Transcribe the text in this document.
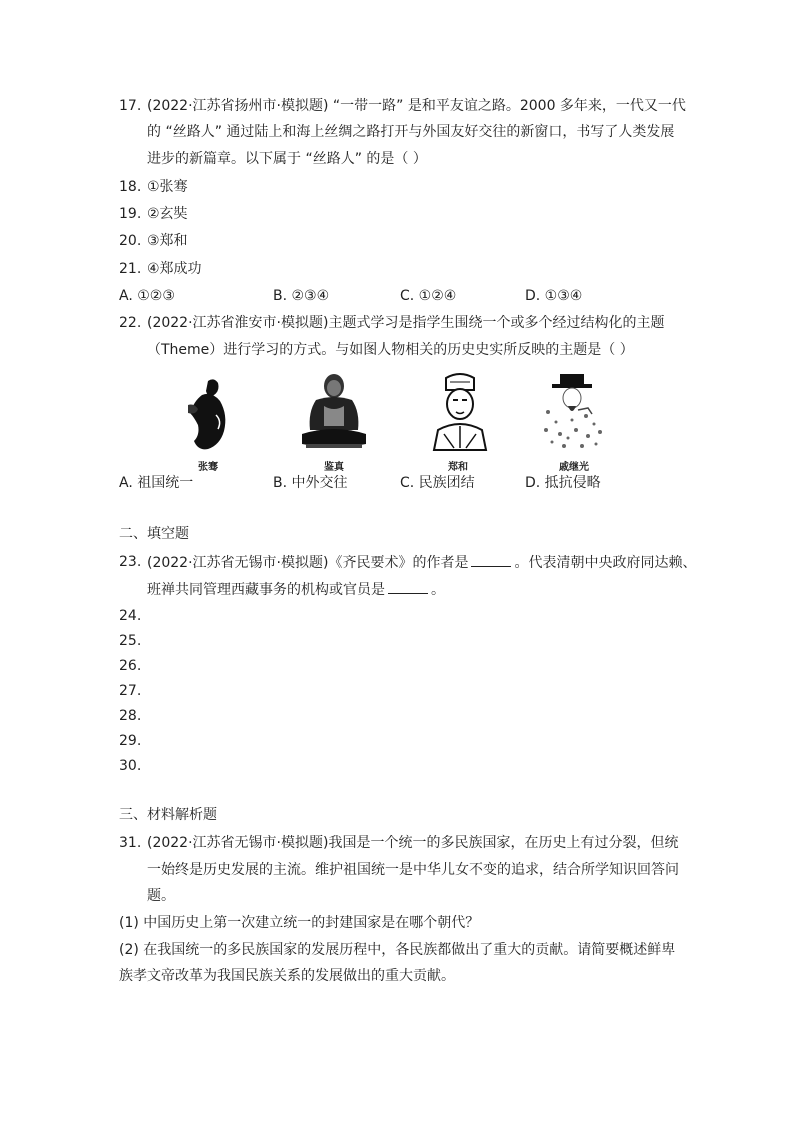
17. (2022·江苏省扬州市·模拟题) “一带一路” 是和平友谊之路。2000 多年来，一代又一代
的 “丝路人” 通过陆上和海上丝绸之路打开与外国友好交往的新窗口，书写了人类发展
进步的新篇章。以下属于 “丝路人” 的是（ ）
18. ①张骞
19. ②玄奘
20. ③郑和
21. ④郑成功
A. ①②③	B. ②③④	C. ①②④	D. ①③④
22. (2022·江苏省淮安市·模拟题)主题式学习是指学生围绕一个或多个经过结构化的主题
（Theme）进行学习的方式。与如图人物相关的历史史实所反映的主题是（ ）
张骞	鉴真	郑和	戚继光
A. 祖国统一	B. 中外交往	C. 民族团结	D. 抵抗侵略
二、填空题
23. (2022·江苏省无锡市·模拟题)《齐民要术》的作者是	。代表清朝中央政府同达赖、
班禅共同管理西藏事务的机构或官员是	。
24.
25.
26.
27.
28.
29.
30.
三、材料解析题
31. (2022·江苏省无锡市·模拟题)我国是一个统一的多民族国家，在历史上有过分裂，但统
一始终是历史发展的主流。维护祖国统一是中华儿女不变的追求，结合所学知识回答问
题。
(1) 中国历史上第一次建立统一的封建国家是在哪个朝代？
(2) 在我国统一的多民族国家的发展历程中，各民族都做出了重大的贡献。请简要概述鲜卑
族孝文帝改革为我国民族关系的发展做出的重大贡献。
